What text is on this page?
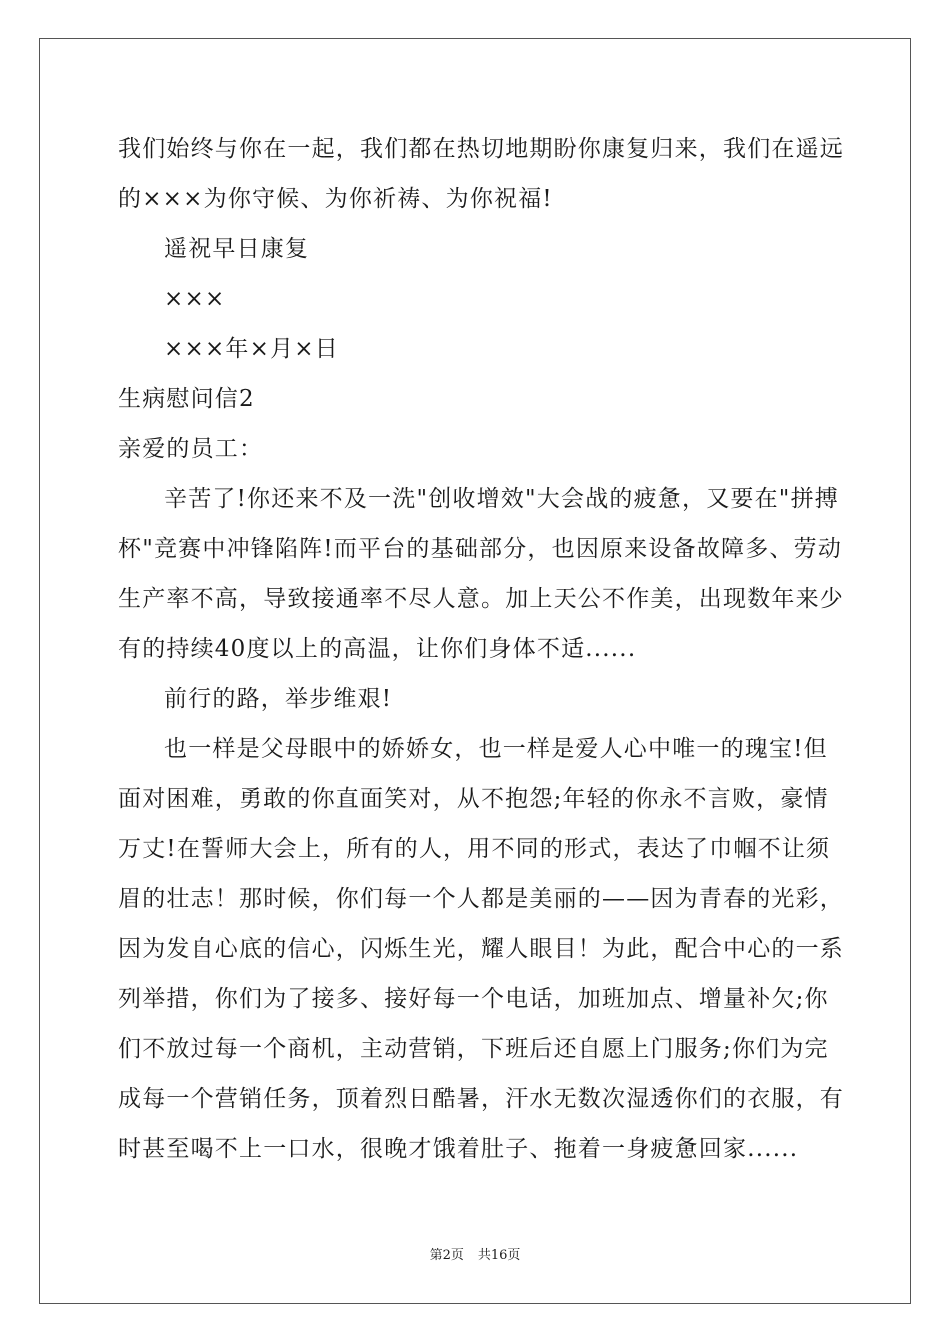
我们始终与你在一起，我们都在热切地期盼你康复归来，我们在遥远
的×××为你守候、为你祈祷、为你祝福!
遥祝早日康复
×××
×××年×月×日
生病慰问信2
亲爱的员工：
辛苦了!你还来不及一洗"创收增效"大会战的疲惫，又要在"拼搏
杯"竞赛中冲锋陷阵!而平台的基础部分，也因原来设备故障多、劳动
生产率不高，导致接通率不尽人意。加上天公不作美，出现数年来少
有的持续40度以上的高温，让你们身体不适......
前行的路，举步维艰!
也一样是父母眼中的娇娇女，也一样是爱人心中唯一的瑰宝!但
面对困难，勇敢的你直面笑对，从不抱怨;年轻的你永不言败，豪情
万丈!在誓师大会上，所有的人，用不同的形式，表达了巾帼不让须
眉的壮志！那时候，你们每一个人都是美丽的——因为青春的光彩，
因为发自心底的信心，闪烁生光，耀人眼目！为此，配合中心的一系
列举措，你们为了接多、接好每一个电话，加班加点、增量补欠;你
们不放过每一个商机，主动营销，下班后还自愿上门服务;你们为完
成每一个营销任务，顶着烈日酷暑，汗水无数次湿透你们的衣服，有
时甚至喝不上一口水，很晚才饿着肚子、拖着一身疲惫回家......
第2页 共16页
